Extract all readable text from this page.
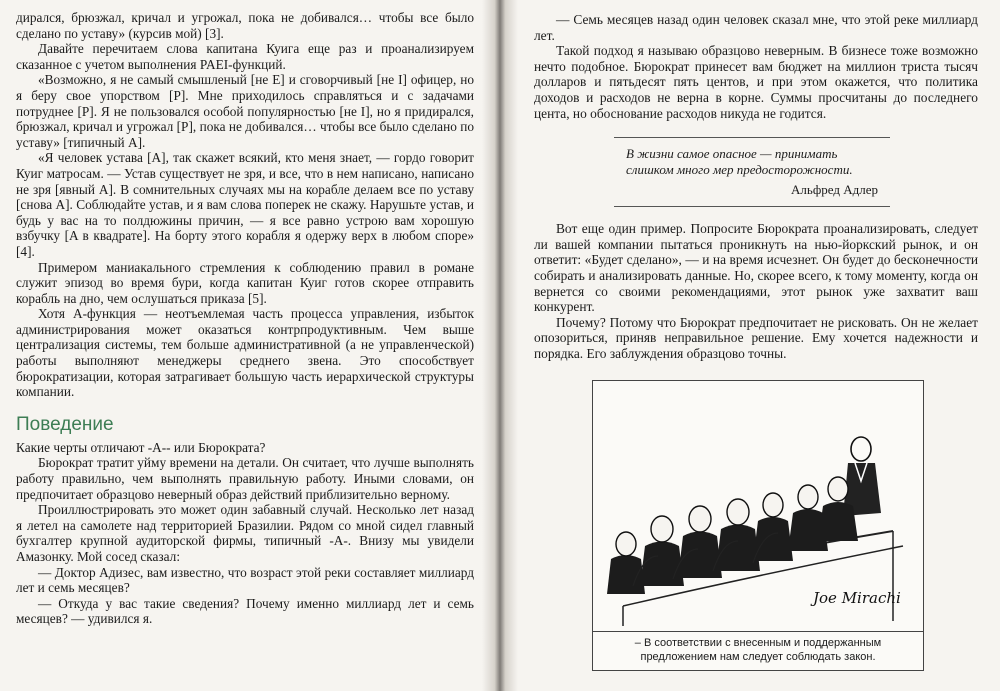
дирался, брюзжал, кричал и угрожал, пока не добивался… чтобы все было сделано по уставу» (курсив мой) [3].

Давайте перечитаем слова капитана Куига еще раз и проанализируем сказанное с учетом выполнения PAEI-функций.

«Возможно, я не самый смышленый [не E] и сговорчивый [не I] офицер, но я беру свое упорством [P]. Мне приходилось справляться и с задачами потруднее [P]. Я не пользовался особой популярностью [не I], но я придирался, брюзжал, кричал и угрожал [P], пока не добивался… чтобы все было сделано по уставу» [типичный A].

«Я человек устава [A], так скажет всякий, кто меня знает, — гордо говорит Куиг матросам. — Устав существует не зря, и все, что в нем написано, написано не зря [явный A]. В сомнительных случаях мы на корабле делаем все по уставу [снова A]. Соблюдайте устав, и я вам слова поперек не скажу. Нарушьте устав, и будь у вас на то полдюжины причин, — я все равно устрою вам хорошую взбучку [A в квадрате]. На борту этого корабля я одержу верх в любом споре» [4].

Примером маниакального стремления к соблюдению правил в романе служит эпизод во время бури, когда капитан Куиг готов скорее отправить корабль на дно, чем ослушаться приказа [5].

Хотя A-функция — неотъемлемая часть процесса управления, избыток администрирования может оказаться контрпродуктивным. Чем выше централизация системы, тем больше административной (а не управленческой) работы выполняют менеджеры среднего звена. Это способствует бюрократизации, которая затрагивает большую часть иерархической структуры компании.

Поведение

Какие черты отличают -A-- или Бюрократа?

Бюрократ тратит уйму времени на детали. Он считает, что лучше выполнять работу правильно, чем выполнять правильную работу. Иными словами, он предпочитает образцово неверный образ действий приблизительно верному.

Проиллюстрировать это может один забавный случай. Несколько лет назад я летел на самолете над территорией Бразилии. Рядом со мной сидел главный бухгалтер крупной аудиторской фирмы, типичный -A-. Внизу мы увидели Амазонку. Мой сосед сказал:

— Доктор Адизес, вам известно, что возраст этой реки составляет миллиард лет и семь месяцев?

— Откуда у вас такие сведения? Почему именно миллиард лет и семь месяцев? — удивился я.

— Семь месяцев назад один человек сказал мне, что этой реке миллиард лет.

Такой подход я называю образцово неверным. В бизнесе тоже возможно нечто подобное. Бюрократ принесет вам бюджет на миллион триста тысяч долларов и пятьдесят пять центов, и при этом окажется, что политика доходов и расходов не верна в корне. Суммы просчитаны до последнего цента, но обоснование расходов никуда не годится.

В жизни самое опасное — принимать слишком много мер предосторожности.

Альфред Адлер

Вот еще один пример. Попросите Бюрократа проанализировать, следует ли вашей компании пытаться проникнуть на нью-йоркский рынок, и он ответит: «Будет сделано», — и на время исчезнет. Он будет до бесконечности собирать и анализировать данные. Но, скорее всего, к тому моменту, когда он вернется со своими рекомендациями, этот рынок уже захватит ваш конкурент.

Почему? Потому что Бюрократ предпочитает не рисковать. Он не желает опозориться, приняв неправильное решение. Ему хочется надежности и порядка. Его заблуждения образцово точны.

Joe Mirachi
– В соответствии с внесенным и поддержанным предложением нам следует соблюдать закон.
